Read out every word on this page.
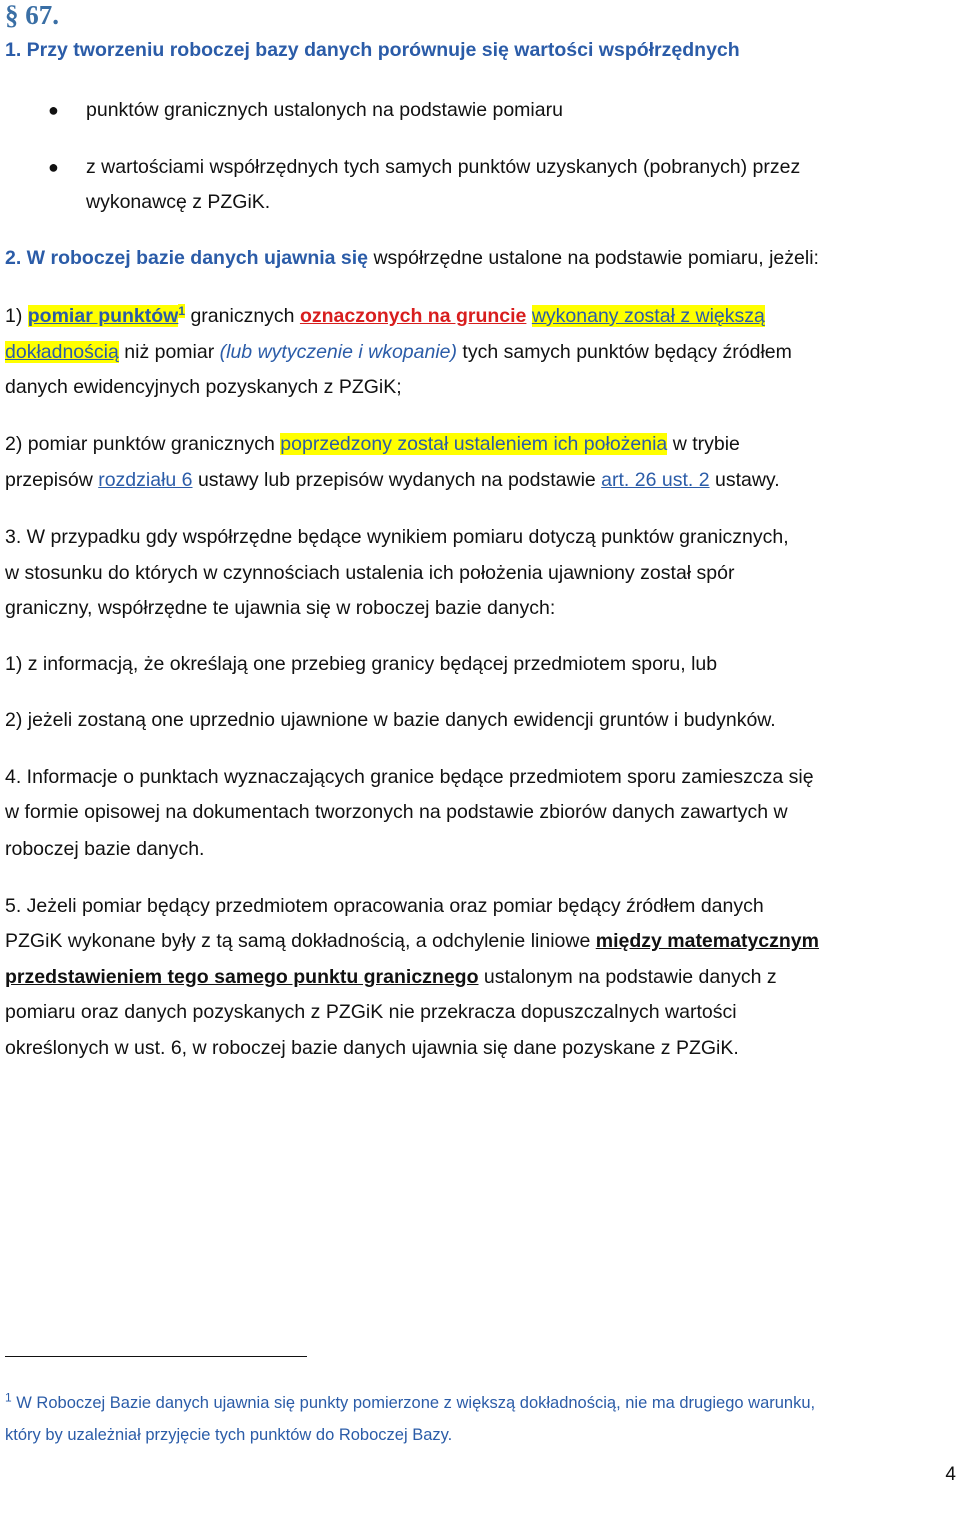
§ 67.
1. Przy tworzeniu roboczej bazy danych porównuje się wartości współrzędnych
● punktów granicznych ustalonych na podstawie pomiaru
● z wartościami współrzędnych tych samych punktów uzyskanych (pobranych) przez
wykonawcę z PZGiK.
2. W roboczej bazie danych ujawnia się współrzędne ustalone na podstawie pomiaru, jeżeli:
1) pomiar punktów$^1$ granicznych oznaczonych na gruncie wykonany został z większą
dokładnością niż pomiar (lub wytyczenie i wkopanie) tych samych punktów będący źródłem
danych ewidencyjnych pozyskanych z PZGiK;
2) pomiar punktów granicznych poprzedzony został ustaleniem ich położenia w trybie
przepisów rozdziału 6 ustawy lub przepisów wydanych na podstawie art. 26 ust. 2 ustawy.
3. W przypadku gdy współrzędne będące wynikiem pomiaru dotyczą punktów granicznych,
w stosunku do których w czynnościach ustalenia ich położenia ujawniony został spór
graniczny, współrzędne te ujawnia się w roboczej bazie danych:
1) z informacją, że określają one przebieg granicy będącej przedmiotem sporu, lub
2) jeżeli zostaną one uprzednio ujawnione w bazie danych ewidencji gruntów i budynków.
4. Informacje o punktach wyznaczających granice będące przedmiotem sporu zamieszcza się
w formie opisowej na dokumentach tworzonych na podstawie zbiorów danych zawartych w
roboczej bazie danych.
5. Jeżeli pomiar będący przedmiotem opracowania oraz pomiar będący źródłem danych
PZGiK wykonane były z tą samą dokładnością, a odchylenie liniowe między matematycznym
przedstawieniem tego samego punktu granicznego ustalonym na podstawie danych z
pomiaru oraz danych pozyskanych z PZGiK nie przekracza dopuszczalnych wartości
określonych w ust. 6, w roboczej bazie danych ujawnia się dane pozyskane z PZGiK.
$^1$ W Roboczej Bazie danych ujawnia się punkty pomierzone z większą dokładnością, nie ma drugiego warunku,
który by uzależniał przyjęcie tych punktów do Roboczej Bazy.
4
